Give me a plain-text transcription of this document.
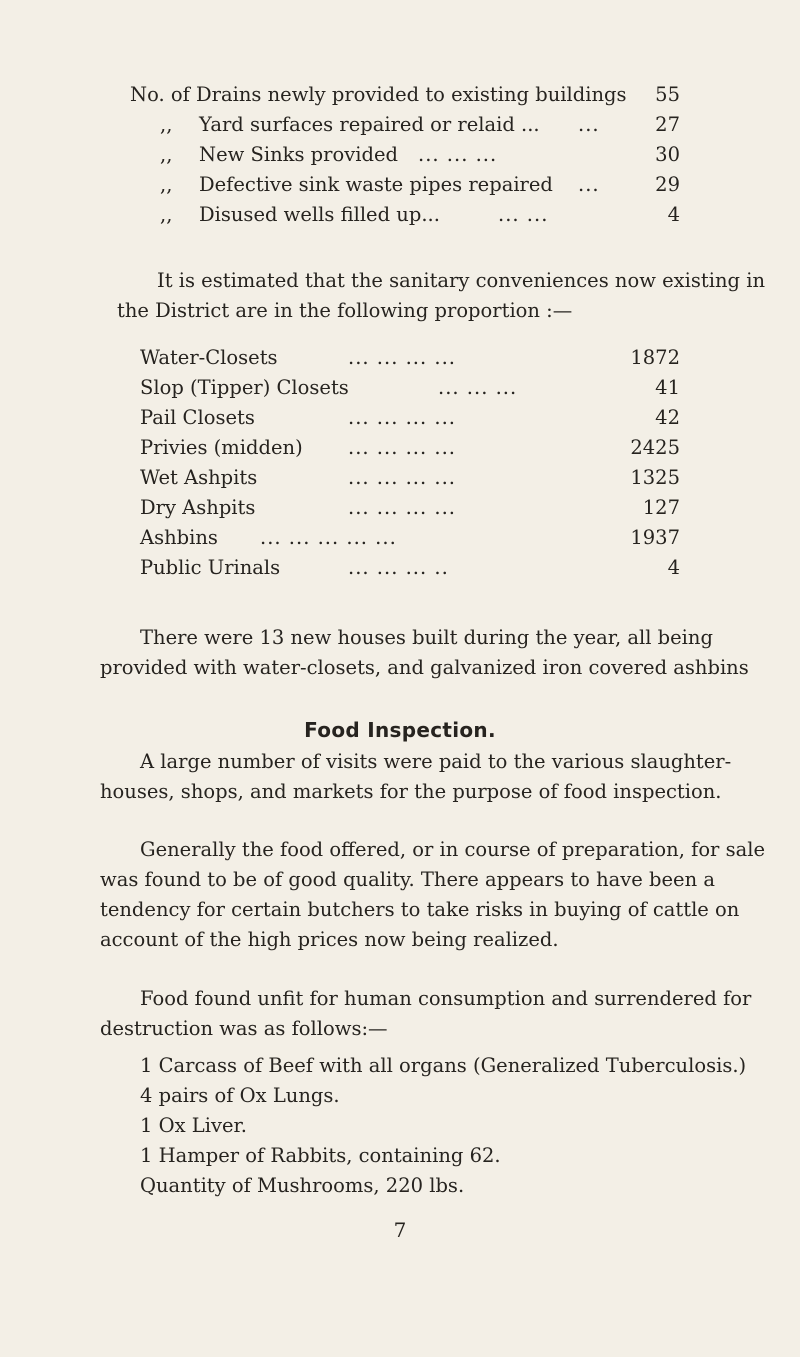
No. of Drains newly provided to existing buildings	55
,, Yard surfaces repaired or relaid ... ...	27
,, New Sinks provided ... ... ...	30
,, Defective sink waste pipes repaired ...	29
,, Disused wells filled up...	... ...	4
It is estimated that the sanitary conveniences now existing in
the District are in the following proportion :—
Water-Closets	... ... ... ...	1872
Slop (Tipper) Closets	... ... ...	41
Pail Closets	... ... ... ...	42
Privies (midden) ... ... ... ...	2425
Wet Ashpits	... ... ... ...	1325
Dry Ashpits	... ... ... ...	127
Ashbins ... ... ... ... ...	1937
Public Urinals	... ... ... ..	4
There were 13 new houses built during the year, all being
provided with water-closets, and galvanized iron covered ashbins
Food Inspection.
A large number of visits were paid to the various slaughter-
houses, shops, and markets for the purpose of food inspection.
Generally the food offered, or in course of preparation, for sale
was found to be of good quality. There appears to have been a
tendency for certain butchers to take risks in buying of cattle on
account of the high prices now being realized.
Food found unfit for human consumption and surrendered for
destruction was as follows:—
1 Carcass of Beef with all organs (Generalized Tuberculosis.)
4 pairs of Ox Lungs.
1 Ox Liver.
1 Hamper of Rabbits, containing 62.
Quantity of Mushrooms, 220 lbs.
7
